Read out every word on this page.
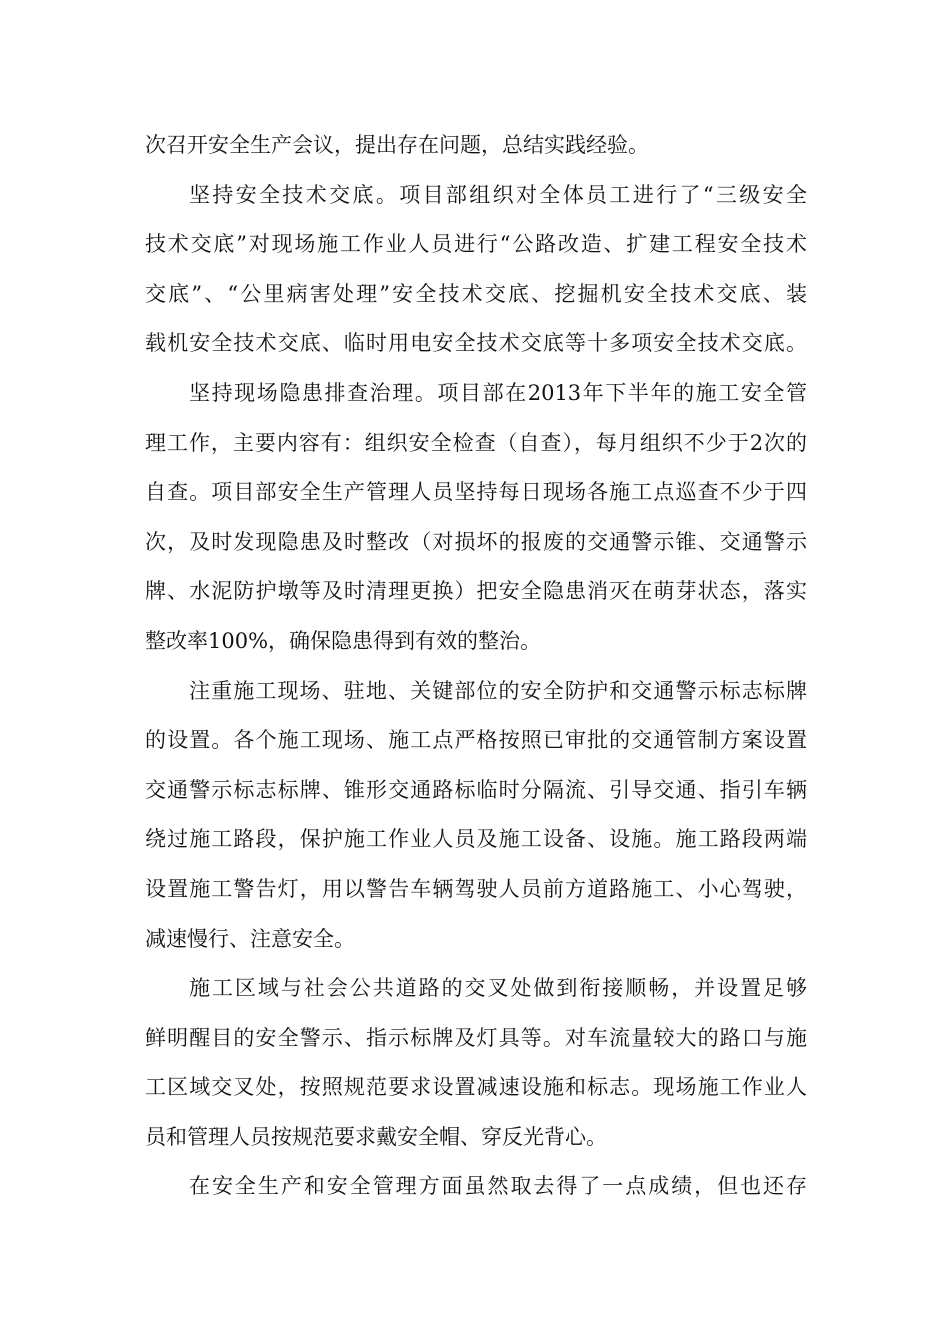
次召开安全生产会议，提出存在问题，总结实践经验。
坚持安全技术交底。项目部组织对全体员工进行了“三级安全
技术交底”对现场施工作业人员进行“公路改造、扩建工程安全技术
交底”、“公里病害处理”安全技术交底、挖掘机安全技术交底、装
载机安全技术交底、临时用电安全技术交底等十多项安全技术交底。
坚持现场隐患排查治理。项目部在2013年下半年的施工安全管
理工作，主要内容有：组织安全检查（自查），每月组织不少于2次的
自查。项目部安全生产管理人员坚持每日现场各施工点巡查不少于四
次，及时发现隐患及时整改（对损坏的报废的交通警示锥、交通警示
牌、水泥防护墩等及时清理更换）把安全隐患消灭在萌芽状态，落实
整改率100%，确保隐患得到有效的整治。
注重施工现场、驻地、关键部位的安全防护和交通警示标志标牌
的设置。各个施工现场、施工点严格按照已审批的交通管制方案设置
交通警示标志标牌、锥形交通路标临时分隔流、引导交通、指引车辆
绕过施工路段，保护施工作业人员及施工设备、设施。施工路段两端
设置施工警告灯，用以警告车辆驾驶人员前方道路施工、小心驾驶，
减速慢行、注意安全。
施工区域与社会公共道路的交叉处做到衔接顺畅，并设置足够
鲜明醒目的安全警示、指示标牌及灯具等。对车流量较大的路口与施
工区域交叉处，按照规范要求设置减速设施和标志。现场施工作业人
员和管理人员按规范要求戴安全帽、穿反光背心。
在安全生产和安全管理方面虽然取去得了一点成绩，但也还存
